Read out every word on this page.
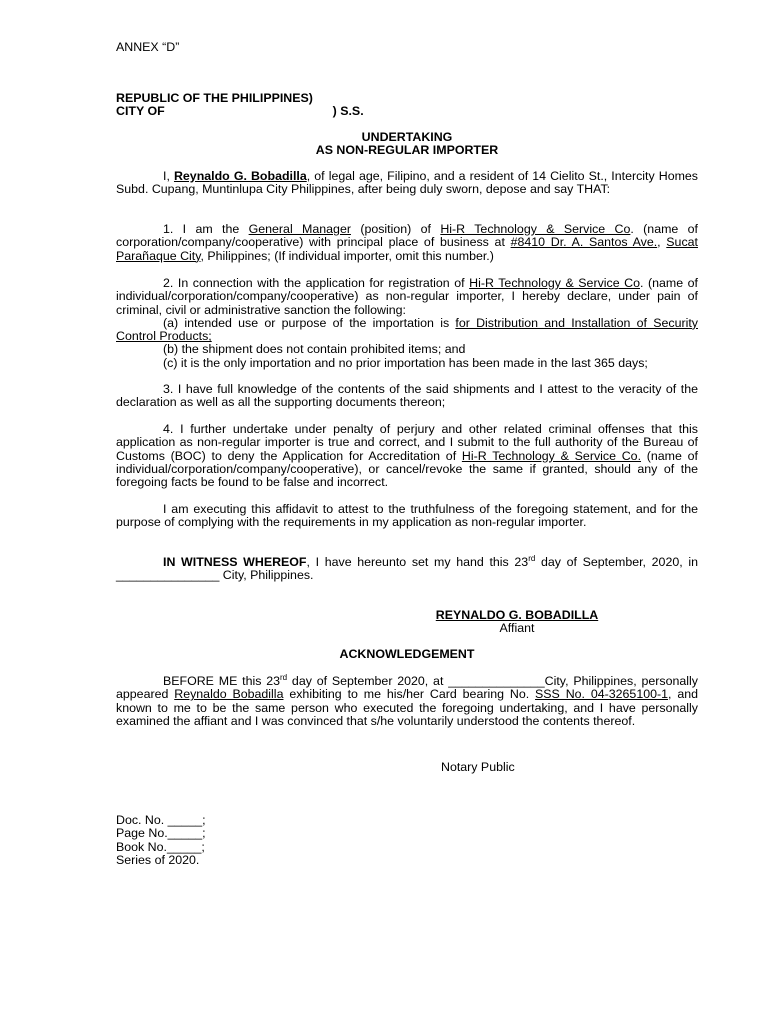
ANNEX “D”

REPUBLIC OF THE PHILIPPINES)
CITY OF	) S.S.
UNDERTAKING
AS NON-REGULAR IMPORTER

I, Reynaldo G. Bobadilla, of legal age, Filipino, and a resident of 14 Cielito St., Intercity Homes Subd. Cupang, Muntinlupa City Philippines, after being duly sworn, depose and say THAT:

1. I am the General Manager (position) of Hi-R Technology & Service Co. (name of corporation/company/cooperative) with principal place of business at #8410 Dr. A. Santos Ave., Sucat Parañaque City, Philippines; (If individual importer, omit this number.)

2. In connection with the application for registration of Hi-R Technology & Service Co. (name of individual/corporation/company/cooperative) as non-regular importer, I hereby declare, under pain of criminal, civil or administrative sanction the following:

(a) intended use or purpose of the importation is for Distribution and Installation of Security Control Products;

(b) the shipment does not contain prohibited items; and

(c) it is the only importation and no prior importation has been made in the last 365 days;

3. I have full knowledge of the contents of the said shipments and I attest to the veracity of the declaration as well as all the supporting documents thereon;

4. I further undertake under penalty of perjury and other related criminal offenses that this application as non-regular importer is true and correct, and I submit to the full authority of the Bureau of Customs (BOC) to deny the Application for Accreditation of Hi-R Technology & Service Co. (name of individual/corporation/company/cooperative), or cancel/revoke the same if granted, should any of the foregoing facts be found to be false and incorrect.

I am executing this affidavit to attest to the truthfulness of the foregoing statement, and for the purpose of complying with the requirements in my application as non-regular importer.

IN WITNESS WHEREOF, I have hereunto set my hand this 23rd day of September, 2020, in _______________ City, Philippines.

REYNALDO G. BOBADILLA
Affiant

ACKNOWLEDGEMENT

BEFORE ME this 23rd day of September 2020, at ______________City, Philippines, personally appeared Reynaldo Bobadilla exhibiting to me his/her Card bearing No. SSS No. 04-3265100-1, and known to me to be the same person who executed the foregoing undertaking, and I have personally examined the affiant and I was convinced that s/he voluntarily understood the contents thereof.

Notary Public

Doc. No. _____;
Page No._____;
Book No._____;
Series of 2020.
